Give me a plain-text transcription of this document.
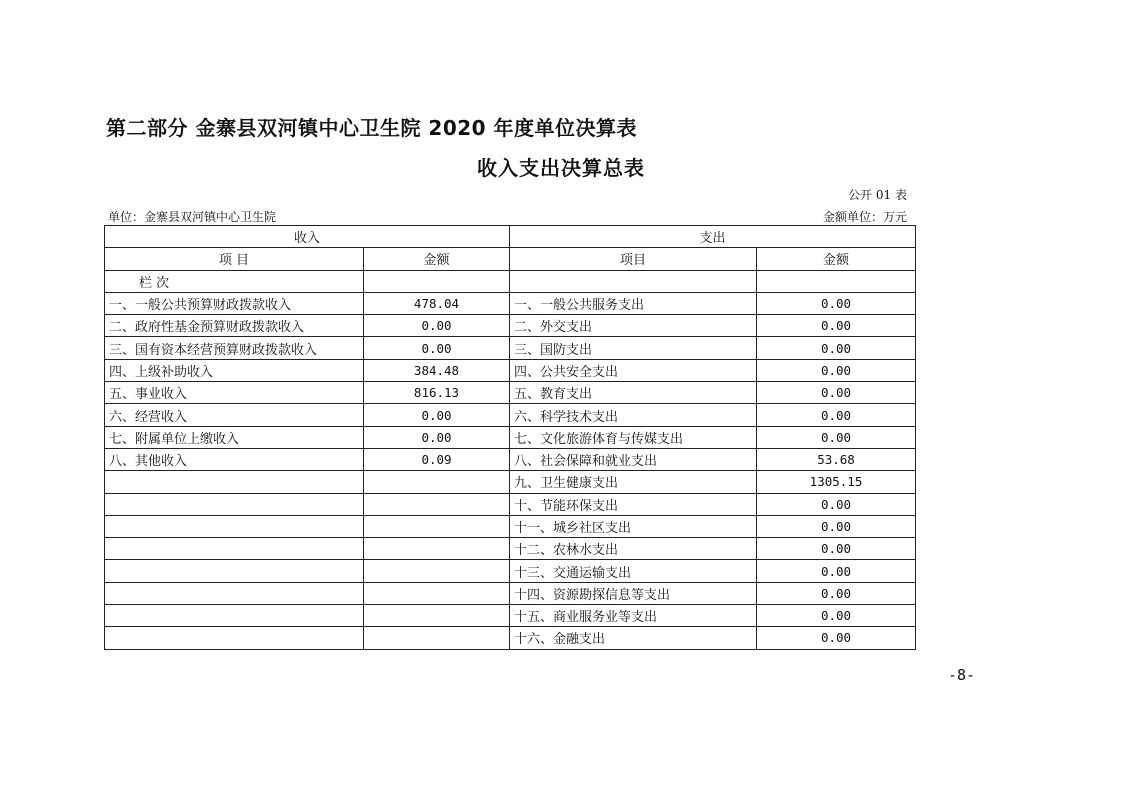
第二部分 金寨县双河镇中心卫生院 2020 年度单位决算表
收入支出决算总表
公开 01 表
单位：金寨县双河镇中心卫生院	金额单位：万元
收入		支出	
项 目	金额	项目	金额
栏 次			
一、一般公共预算财政拨款收入	478.04	一、一般公共服务支出	0.00
二、政府性基金预算财政拨款收入	0.00	二、外交支出	0.00
三、国有资本经营预算财政拨款收入	0.00	三、国防支出	0.00
四、上级补助收入	384.48	四、公共安全支出	0.00
五、事业收入	816.13	五、教育支出	0.00
六、经营收入	0.00	六、科学技术支出	0.00
七、附属单位上缴收入	0.00	七、文化旅游体育与传媒支出	0.00
八、其他收入	0.09	八、社会保障和就业支出	53.68
		九、卫生健康支出	1305.15
		十、节能环保支出	0.00
		十一、城乡社区支出	0.00
		十二、农林水支出	0.00
		十三、交通运输支出	0.00
		十四、资源勘探信息等支出	0.00
		十五、商业服务业等支出	0.00
		十六、金融支出	0.00
-8-
